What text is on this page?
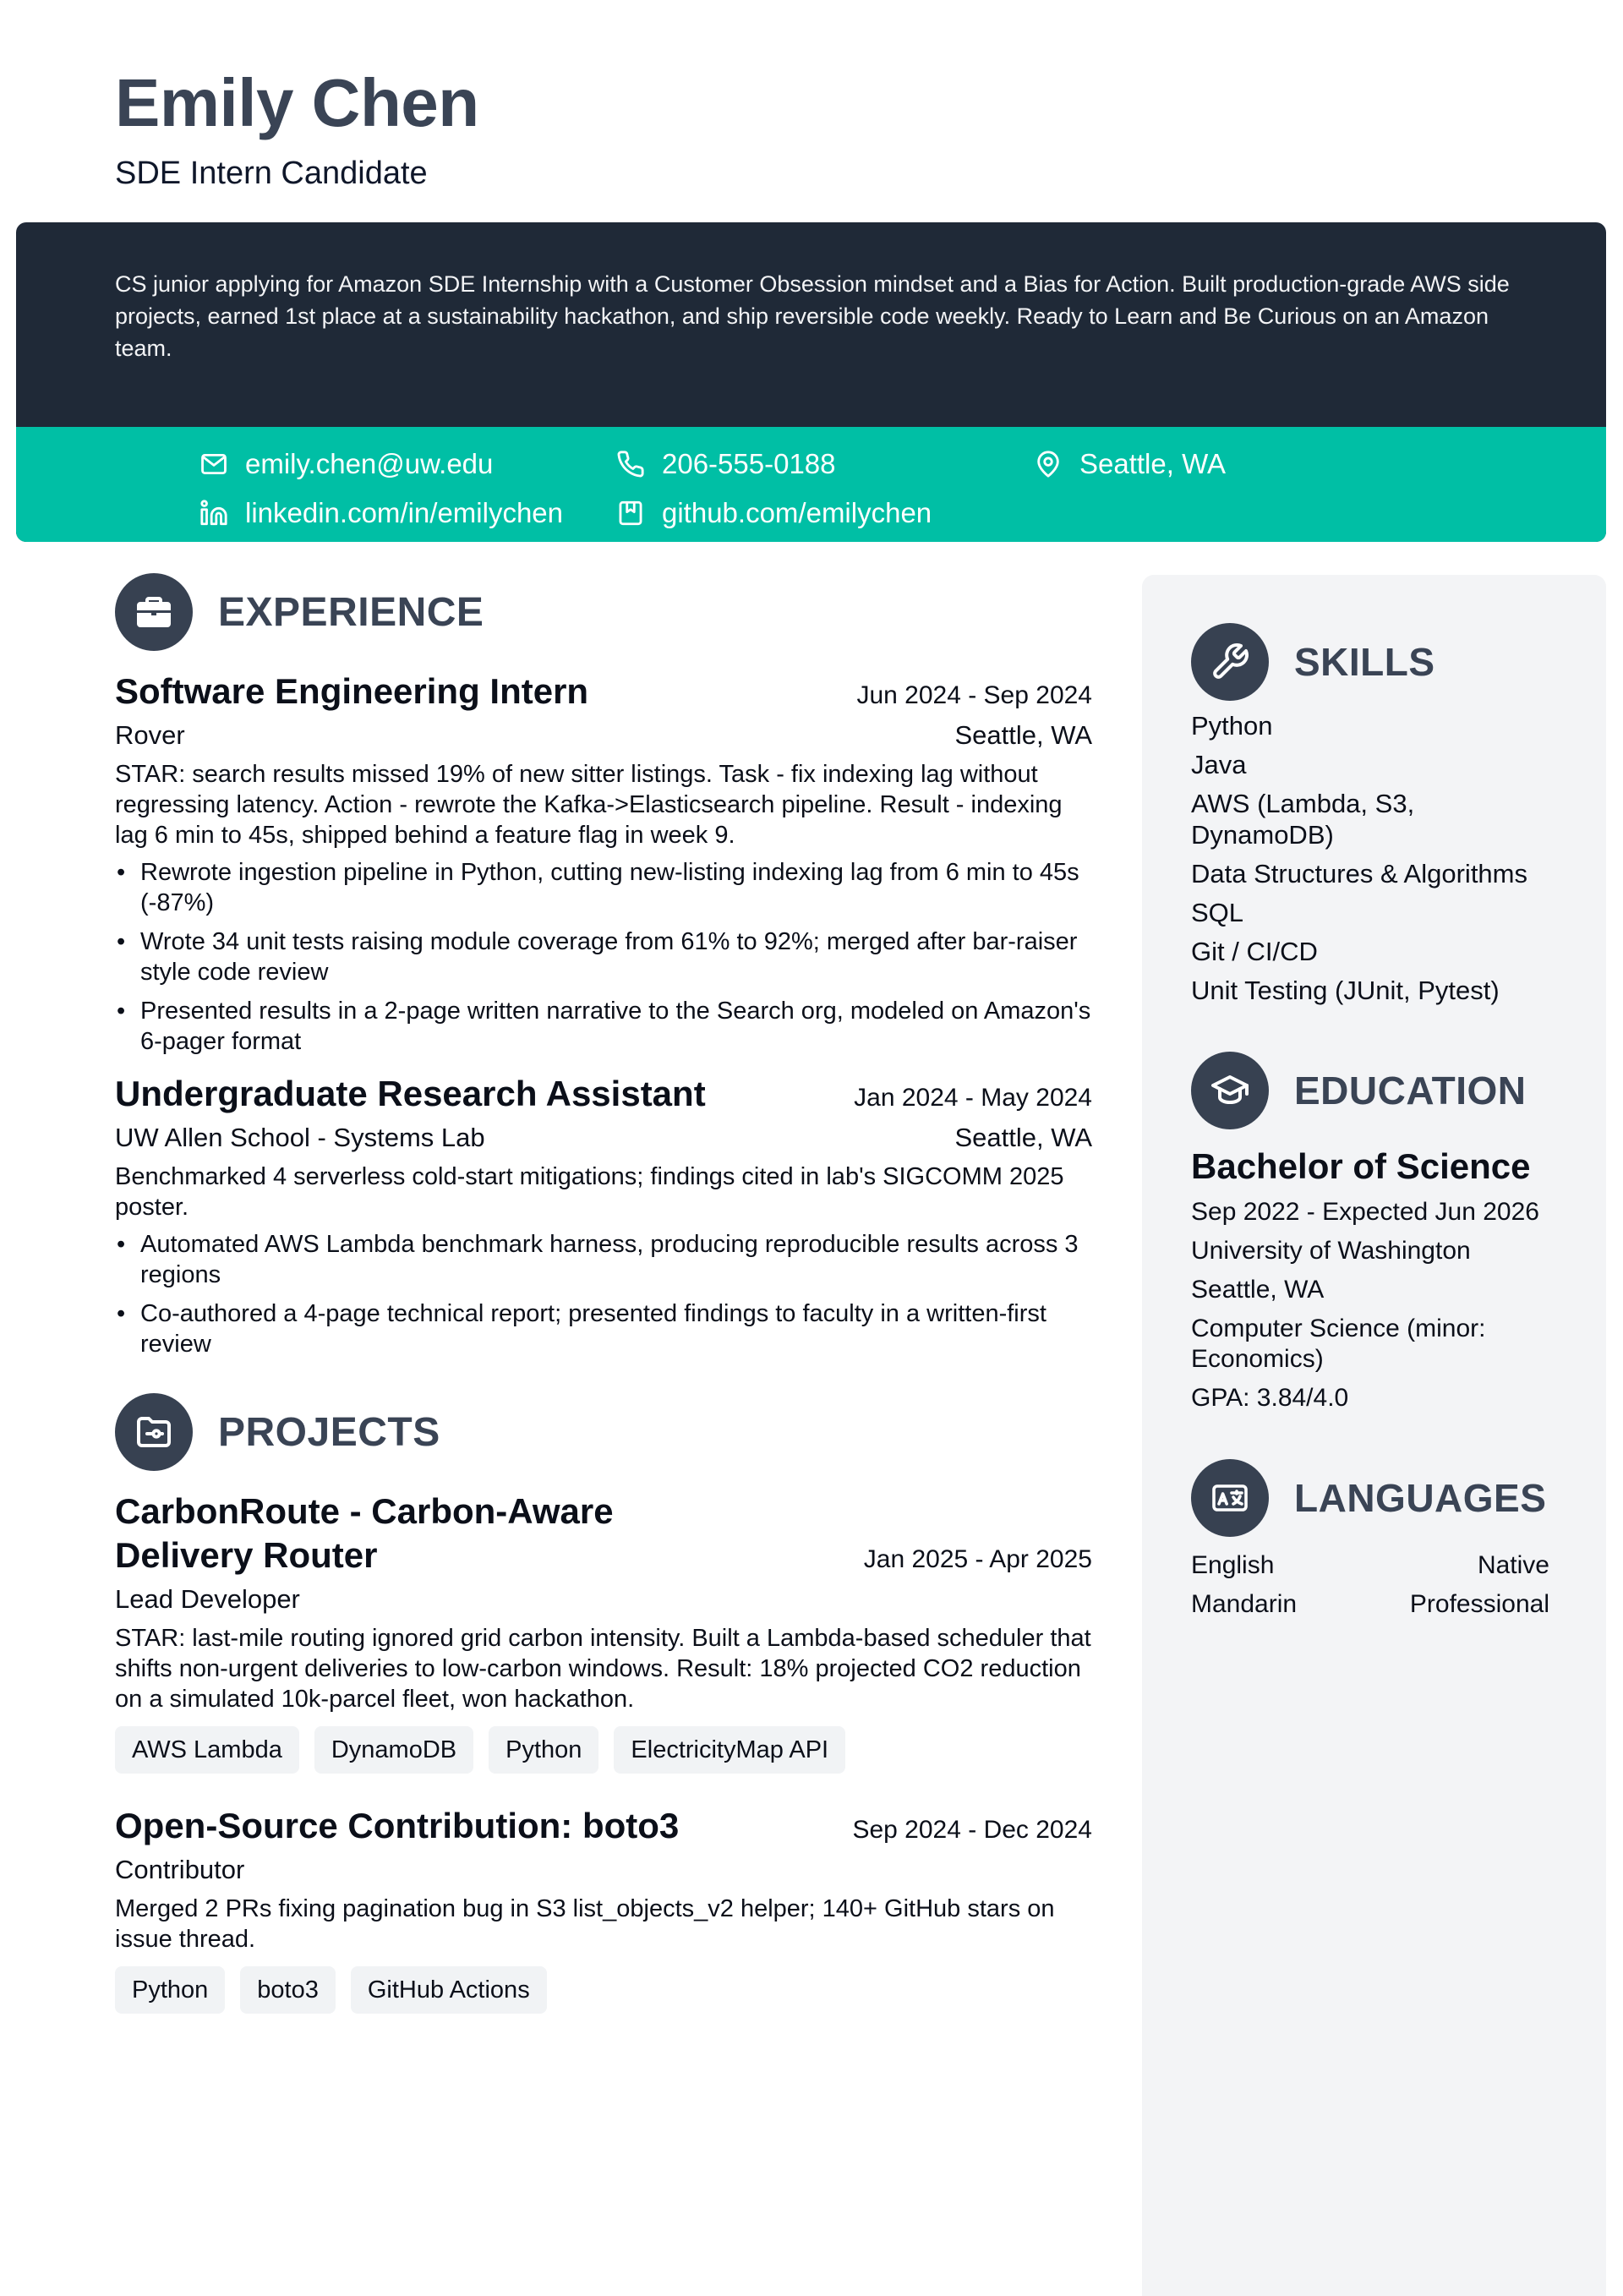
Emily Chen
SDE Intern Candidate
CS junior applying for Amazon SDE Internship with a Customer Obsession mindset and a Bias for Action. Built production-grade AWS side projects, earned 1st place at a sustainability hackathon, and ship reversible code weekly. Ready to Learn and Be Curious on an Amazon team.
emily.chen@uw.edu	206-555-0188	Seattle, WA
linkedin.com/in/emilychen	github.com/emilychen
EXPERIENCE
Software Engineering Intern	Jun 2024 - Sep 2024
Rover	Seattle, WA
STAR: search results missed 19% of new sitter listings. Task - fix indexing lag without regressing latency. Action - rewrote the Kafka->Elasticsearch pipeline. Result - indexing lag 6 min to 45s, shipped behind a feature flag in week 9.
• Rewrote ingestion pipeline in Python, cutting new-listing indexing lag from 6 min to 45s (-87%)
• Wrote 34 unit tests raising module coverage from 61% to 92%; merged after bar-raiser style code review
• Presented results in a 2-page written narrative to the Search org, modeled on Amazon's 6-pager format
Undergraduate Research Assistant	Jan 2024 - May 2024
UW Allen School - Systems Lab	Seattle, WA
Benchmarked 4 serverless cold-start mitigations; findings cited in lab's SIGCOMM 2025 poster.
• Automated AWS Lambda benchmark harness, producing reproducible results across 3 regions
• Co-authored a 4-page technical report; presented findings to faculty in a written-first review
PROJECTS
CarbonRoute - Carbon-Aware Delivery Router	Jan 2025 - Apr 2025
Lead Developer
STAR: last-mile routing ignored grid carbon intensity. Built a Lambda-based scheduler that shifts non-urgent deliveries to low-carbon windows. Result: 18% projected CO2 reduction on a simulated 10k-parcel fleet, won hackathon.
AWS Lambda	DynamoDB	Python	ElectricityMap API
Open-Source Contribution: boto3	Sep 2024 - Dec 2024
Contributor
Merged 2 PRs fixing pagination bug in S3 list_objects_v2 helper; 140+ GitHub stars on issue thread.
Python	boto3	GitHub Actions
SKILLS
Python
Java
AWS (Lambda, S3, DynamoDB)
Data Structures & Algorithms
SQL
Git / CI/CD
Unit Testing (JUnit, Pytest)
EDUCATION
Bachelor of Science
Sep 2022 - Expected Jun 2026
University of Washington
Seattle, WA
Computer Science (minor: Economics)
GPA: 3.84/4.0
LANGUAGES
English	Native
Mandarin	Professional
